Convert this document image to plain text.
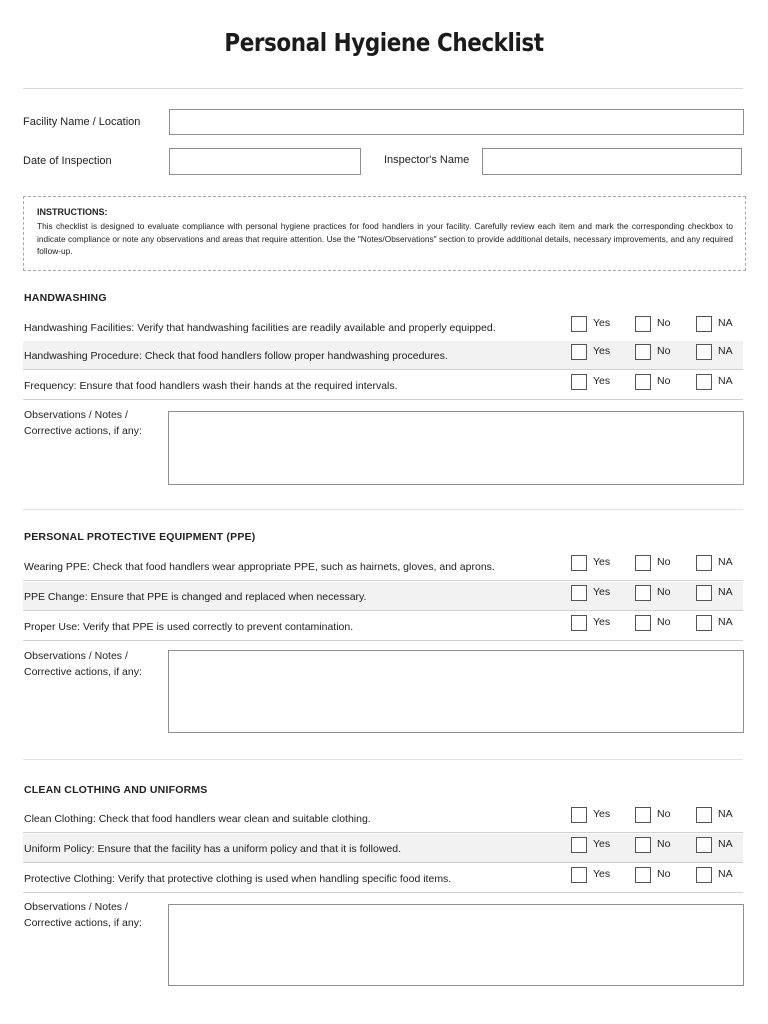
Personal Hygiene Checklist
Facility Name / Location
Date of Inspection	Inspector's Name
INSTRUCTIONS:
This checklist is designed to evaluate compliance with personal hygiene practices for food handlers in your facility. Carefully review each item and mark the corresponding checkbox to indicate compliance or note any observations and areas that require attention. Use the "Notes/Observations" section to provide additional details, necessary improvements, and any required follow-up.
HANDWASHING
Handwashing Facilities: Verify that handwashing facilities are readily available and properly equipped.	Yes	No	NA
Handwashing Procedure: Check that food handlers follow proper handwashing procedures.	Yes	No	NA
Frequency: Ensure that food handlers wash their hands at the required intervals.	Yes	No	NA
Observations / Notes /
Corrective actions, if any:
PERSONAL PROTECTIVE EQUIPMENT (PPE)
Wearing PPE: Check that food handlers wear appropriate PPE, such as hairnets, gloves, and aprons.	Yes	No	NA
PPE Change: Ensure that PPE is changed and replaced when necessary.	Yes	No	NA
Proper Use: Verify that PPE is used correctly to prevent contamination.	Yes	No	NA
Observations / Notes /
Corrective actions, if any:
CLEAN CLOTHING AND UNIFORMS
Clean Clothing: Check that food handlers wear clean and suitable clothing.	Yes	No	NA
Uniform Policy: Ensure that the facility has a uniform policy and that it is followed.	Yes	No	NA
Protective Clothing: Verify that protective clothing is used when handling specific food items.	Yes	No	NA
Observations / Notes /
Corrective actions, if any:
